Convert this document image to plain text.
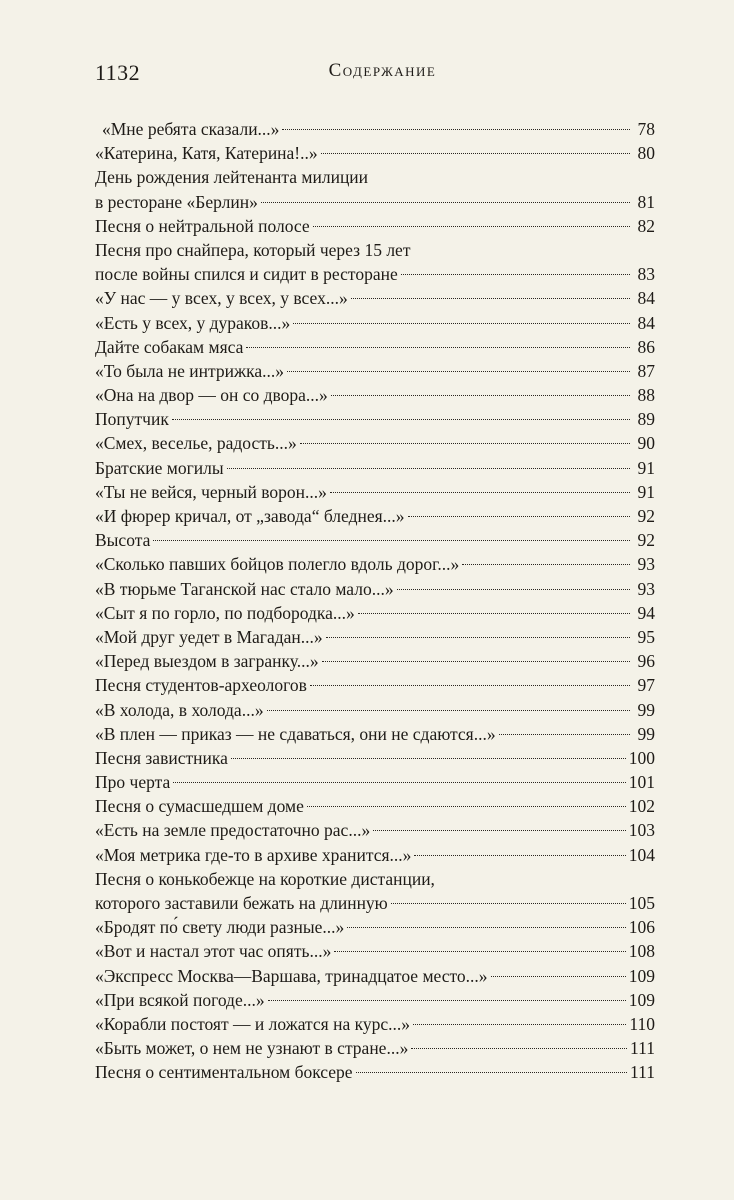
1132	Содержание
«Мне ребята сказали...»	78
«Катерина, Катя, Катерина!..»	80
День рождения лейтенанта милиции
в ресторане «Берлин»	81
Песня о нейтральной полосе	82
Песня про снайпера, который через 15 лет
после войны спился и сидит в ресторане	83
«У нас — у всех, у всех, у всех...»	84
«Есть у всех, у дураков...»	84
Дайте собакам мяса	86
«То была не интрижка...»	87
«Она на двор — он со двора...»	88
Попутчик	89
«Смех, веселье, радость...»	90
Братские могилы	91
«Ты не вейся, черный ворон...»	91
«И фюрер кричал, от „завода“ бледнея...»	92
Высота	92
«Сколько павших бойцов полегло вдоль дорог...»	93
«В тюрьме Таганской нас стало мало...»	93
«Сыт я по горло, по подбородка...»	94
«Мой друг уедет в Магадан...»	95
«Перед выездом в загранку...»	96
Песня студентов-археологов	97
«В холода, в холода...»	99
«В плен — приказ — не сдаваться, они не сдаются...»	99
Песня завистника	100
Про черта	101
Песня о сумасшедшем доме	102
«Есть на земле предостаточно рас...»	103
«Моя метрика где-то в архиве хранится...»	104
Песня о конькобежце на короткие дистанции,
которого заставили бежать на длинную	105
«Бродят по́ свету люди разные...»	106
«Вот и настал этот час опять...»	108
«Экспресс Москва—Варшава, тринадцатое место...»	109
«При всякой погоде...»	109
«Корабли постоят — и ложатся на курс...»	110
«Быть может, о нем не узнают в стране...»	111
Песня о сентиментальном боксере	111
